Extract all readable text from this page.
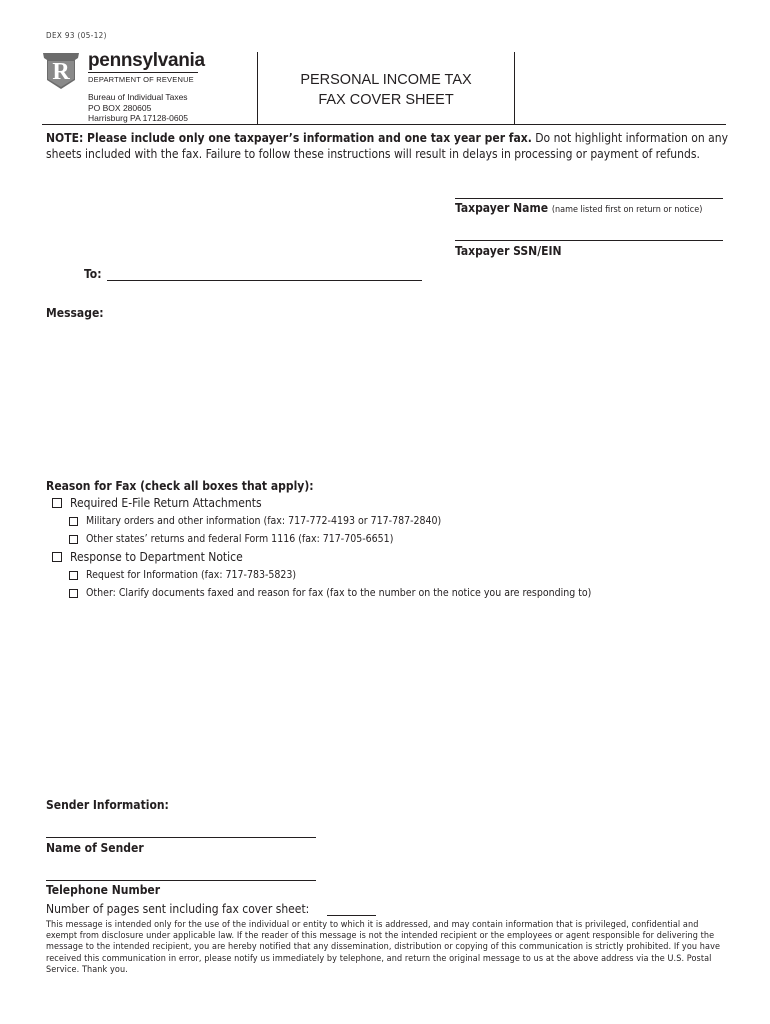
DEX 93 (05-12)
R pennsylvania
DEPARTMENT OF REVENUE
Bureau of Individual Taxes
PO BOX 280605
Harrisburg PA 17128-0605
PERSONAL INCOME TAX
FAX COVER SHEET
NOTE: Please include only one taxpayer’s information and one tax year per fax. Do not highlight information on any sheets included with the fax. Failure to follow these instructions will result in delays in processing or payment of refunds.
Taxpayer Name (name listed first on return or notice)
Taxpayer SSN/EIN
To:
Message:
Reason for Fax (check all boxes that apply):
Required E-File Return Attachments
Military orders and other information (fax: 717-772-4193 or 717-787-2840)
Other states’ returns and federal Form 1116 (fax: 717-705-6651)
Response to Department Notice
Request for Information (fax: 717-783-5823)
Other: Clarify documents faxed and reason for fax (fax to the number on the notice you are responding to)
Sender Information:
Name of Sender
Telephone Number
Number of pages sent including fax cover sheet:
This message is intended only for the use of the individual or entity to which it is addressed, and may contain information that is privileged, confidential and exempt from disclosure under applicable law. If the reader of this message is not the intended recipient or the employees or agent responsible for delivering the message to the intended recipient, you are hereby notified that any dissemination, distribution or copying of this communication is strictly prohibited. If you have received this communication in error, please notify us immediately by telephone, and return the original message to us at the above address via the U.S. Postal Service. Thank you.
